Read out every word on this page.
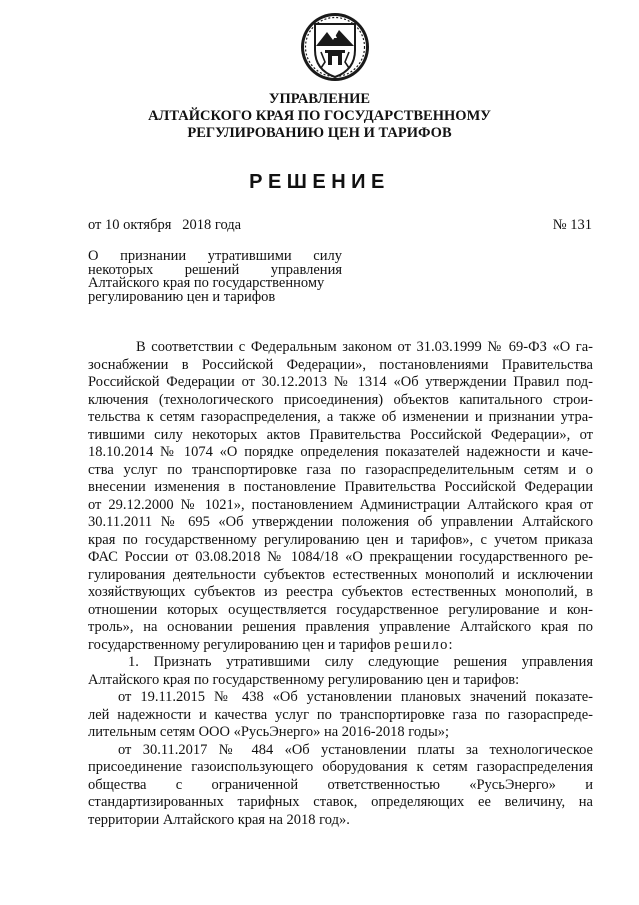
УПРАВЛЕНИЕ
АЛТАЙСКОГО КРАЯ ПО ГОСУДАРСТВЕННОМУ
РЕГУЛИРОВАНИЮ ЦЕН И ТАРИФОВ
РЕШЕНИЕ
от 10 октября   2018 года	№ 131
О признании утратившими силу
некоторых решений управления
Алтайского края по государственному
регулированию цен и тарифов
В соответствии с Федеральным законом от 31.03.1999 № 69-ФЗ «О га-
зоснабжении в Российской Федерации», постановлениями Правительства
Российской Федерации от 30.12.2013 № 1314 «Об утверждении Правил под-
ключения (технологического присоединения) объектов капитального строи-
тельства к сетям газораспределения, а также об изменении и признании утра-
тившими силу некоторых актов Правительства Российской Федерации», от
18.10.2014 № 1074 «О порядке определения показателей надежности и каче-
ства услуг по транспортировке газа по газораспределительным сетям и о
внесении изменения в постановление Правительства Российской Федерации
от 29.12.2000 № 1021», постановлением Администрации Алтайского края от
30.11.2011 № 695 «Об утверждении положения об управлении Алтайского
края по государственному регулированию цен и тарифов», с учетом приказа
ФАС России от 03.08.2018 № 1084/18 «О прекращении государственного ре-
гулирования деятельности субъектов естественных монополий и исключении
хозяйствующих субъектов из реестра субъектов естественных монополий, в
отношении которых осуществляется государственное регулирование и кон-
троль», на основании решения правления управление Алтайского края по
государственному регулированию цен и тарифов решило:
1. Признать утратившими силу следующие решения управления
Алтайского края по государственному регулированию цен и тарифов:
от 19.11.2015 № 438 «Об установлении плановых значений показате-
лей надежности и качества услуг по транспортировке газа по газораспреде-
лительным сетям ООО «РусьЭнерго» на 2016-2018 годы»;
от 30.11.2017 № 484 «Об установлении платы за технологическое
присоединение газоиспользующего оборудования к сетям газораспределения
общества с ограниченной ответственностью «РусьЭнерго» и
стандартизированных тарифных ставок, определяющих ее величину, на
территории Алтайского края на 2018 год».
